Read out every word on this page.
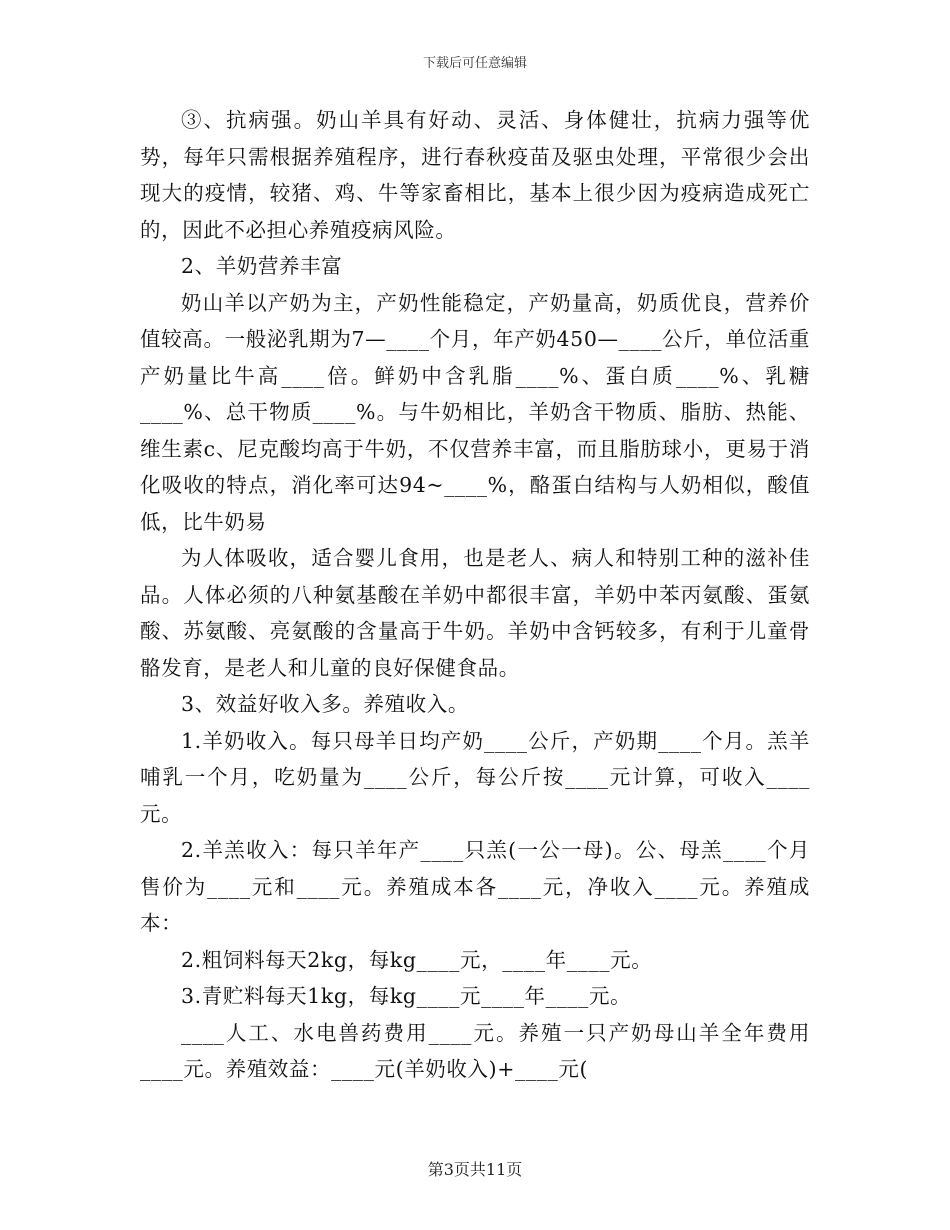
下载后可任意编辑

③、抗病强。奶山羊具有好动、灵活、身体健壮，抗病力强等优势，每年只需根据养殖程序，进行春秋疫苗及驱虫处理，平常很少会出现大的疫情，较猪、鸡、牛等家畜相比，基本上很少因为疫病造成死亡的，因此不必担心养殖疫病风险。

2、羊奶营养丰富

奶山羊以产奶为主，产奶性能稳定，产奶量高，奶质优良，营养价值较高。一般泌乳期为7—____个月，年产奶450—____公斤，单位活重产奶量比牛高____倍。鲜奶中含乳脂____%、蛋白质____%、乳糖____%、总干物质____%。与牛奶相比，羊奶含干物质、脂肪、热能、维生素c、尼克酸均高于牛奶，不仅营养丰富，而且脂肪球小，更易于消化吸收的特点，消化率可达94~____%，酪蛋白结构与人奶相似，酸值低，比牛奶易

为人体吸收，适合婴儿食用，也是老人、病人和特别工种的滋补佳品。人体必须的八种氨基酸在羊奶中都很丰富，羊奶中苯丙氨酸、蛋氨酸、苏氨酸、亮氨酸的含量高于牛奶。羊奶中含钙较多，有利于儿童骨骼发育，是老人和儿童的良好保健食品。

3、效益好收入多。养殖收入。

1.羊奶收入。每只母羊日均产奶____公斤，产奶期____个月。羔羊哺乳一个月，吃奶量为____公斤，每公斤按____元计算，可收入____元。

2.羊羔收入：每只羊年产____只羔(一公一母)。公、母羔____个月售价为____元和____元。养殖成本各____元，净收入____元。养殖成本：

2.粗饲料每天2kg，每kg____元，____年____元。

3.青贮料每天1kg，每kg____元____年____元。

____人工、水电兽药费用____元。养殖一只产奶母山羊全年费用____元。养殖效益：____元(羊奶收入)+____元(

第3页共11页
